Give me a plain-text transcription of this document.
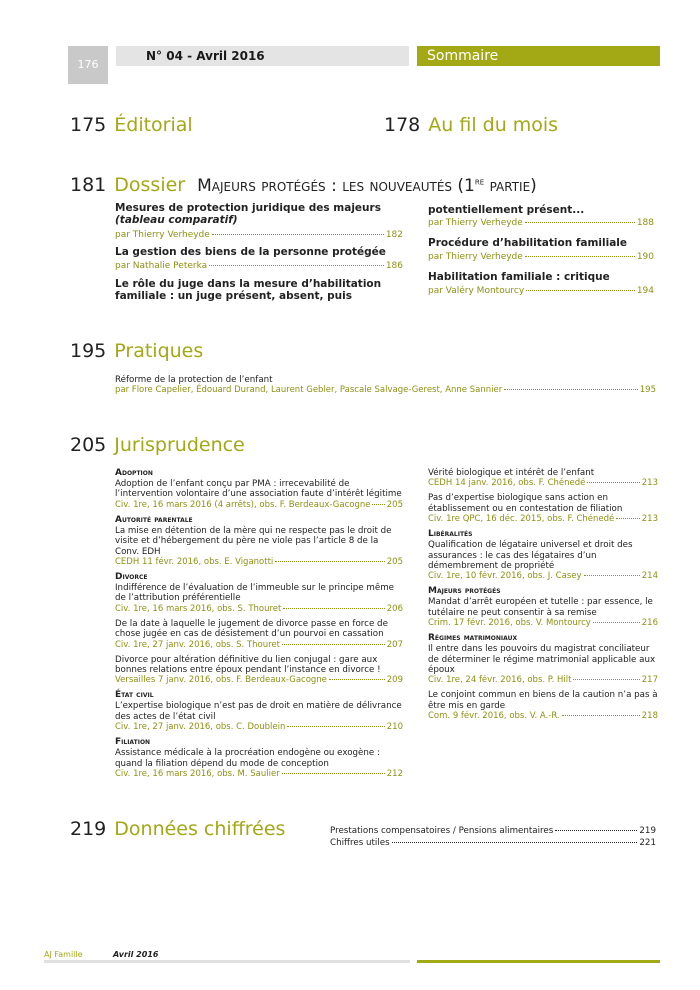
176
N° 04 - Avril 2016	Sommaire
175 Éditorial	178 Au fil du mois
181 Dossier Majeurs protégés : les nouveautés (1re partie)
Mesures de protection juridique des majeurs
(tableau comparatif)
par Thierry Verheyde	182
La gestion des biens de la personne protégée
par Nathalie Peterka	186
Le rôle du juge dans la mesure d’habilitation familiale : un juge présent, absent, puis
potentiellement présent...
par Thierry Verheyde	188
Procédure d’habilitation familiale
par Thierry Verheyde	190
Habilitation familiale : critique
par Valéry Montourcy	194
195 Pratiques
Réforme de la protection de l’enfant
par Flore Capelier, Édouard Durand, Laurent Gebler, Pascale Salvage-Gerest, Anne Sannier	195
205 Jurisprudence
Adoption
Adoption de l’enfant conçu par PMA : irrecevabilité de l’intervention volontaire d’une association faute d’intérêt légitime
Civ. 1re, 16 mars 2016 (4 arrêts), obs. F. Berdeaux-Gacogne 205
Autorité parentale
La mise en détention de la mère qui ne respecte pas le droit de visite et d’hébergement du père ne viole pas l’article 8 de la Conv. EDH
CEDH 11 févr. 2016, obs. E. Viganotti	205
Divorce
Indifférence de l’évaluation de l’immeuble sur le principe même de l’attribution préférentielle
Civ. 1re, 16 mars 2016, obs. S. Thouret	206
De la date à laquelle le jugement de divorce passe en force de chose jugée en cas de désistement d’un pourvoi en cassation
Civ. 1re, 27 janv. 2016, obs. S. Thouret	207
Divorce pour altération définitive du lien conjugal : gare aux bonnes relations entre époux pendant l’instance en divorce !
Versailles 7 janv. 2016, obs. F. Berdeaux-Gacogne	209
État civil
L’expertise biologique n’est pas de droit en matière de délivrance des actes de l’état civil
Civ. 1re, 27 janv. 2016, obs. C. Doublein	210
Filiation
Assistance médicale à la procréation endogène ou exogène : quand la filiation dépend du mode de conception
Civ. 1re, 16 mars 2016, obs. M. Saulier	212
Vérité biologique et intérêt de l’enfant
CEDH 14 janv. 2016, obs. F. Chénedé	213
Pas d’expertise biologique sans action en établissement ou en contestation de filiation
Civ. 1re QPC, 16 déc. 2015, obs. F. Chénedé	213
Libéralités
Qualification de légataire universel et droit des assurances : le cas des légataires d’un démembrement de propriété
Civ. 1re, 10 févr. 2016, obs. J. Casey	214
Majeurs protégés
Mandat d’arrêt européen et tutelle : par essence, le tutélaire ne peut consentir à sa remise
Crim. 17 févr. 2016, obs. V. Montourcy	216
Régimes matrimoniaux
Il entre dans les pouvoirs du magistrat conciliateur de déterminer le régime matrimonial applicable aux époux
Civ. 1re, 24 févr. 2016, obs. P. Hilt	217
Le conjoint commun en biens de la caution n’a pas à être mis en garde
Com. 9 févr. 2016, obs. V. A.-R.	218
219 Données chiffrées	Prestations compensatoires / Pensions alimentaires	219
Chiffres utiles	221
AJ Famille	Avril 2016
